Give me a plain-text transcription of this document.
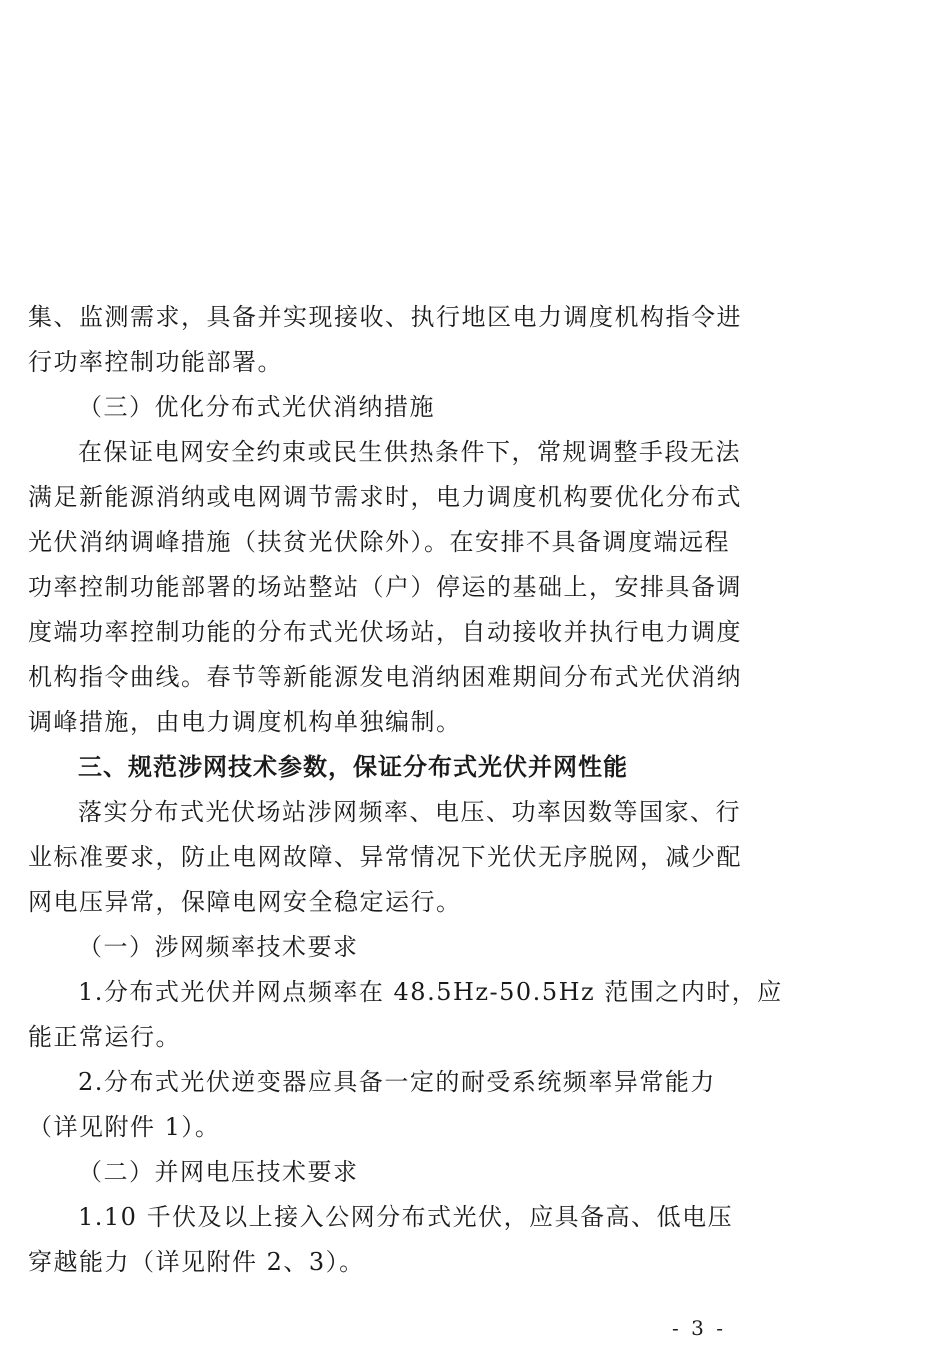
集、监测需求，具备并实现接收、执行地区电力调度机构指令进
行功率控制功能部署。
（三）优化分布式光伏消纳措施
在保证电网安全约束或民生供热条件下，常规调整手段无法
满足新能源消纳或电网调节需求时，电力调度机构要优化分布式
光伏消纳调峰措施（扶贫光伏除外）。在安排不具备调度端远程
功率控制功能部署的场站整站（户）停运的基础上，安排具备调
度端功率控制功能的分布式光伏场站，自动接收并执行电力调度
机构指令曲线。春节等新能源发电消纳困难期间分布式光伏消纳
调峰措施，由电力调度机构单独编制。
三、规范涉网技术参数，保证分布式光伏并网性能
落实分布式光伏场站涉网频率、电压、功率因数等国家、行
业标准要求，防止电网故障、异常情况下光伏无序脱网，减少配
网电压异常，保障电网安全稳定运行。
（一）涉网频率技术要求
1.分布式光伏并网点频率在 48.5Hz-50.5Hz 范围之内时，应
能正常运行。
2.分布式光伏逆变器应具备一定的耐受系统频率异常能力
（详见附件 1）。
（二）并网电压技术要求
1.10 千伏及以上接入公网分布式光伏，应具备高、低电压
穿越能力（详见附件 2、3）。
- 3 -
